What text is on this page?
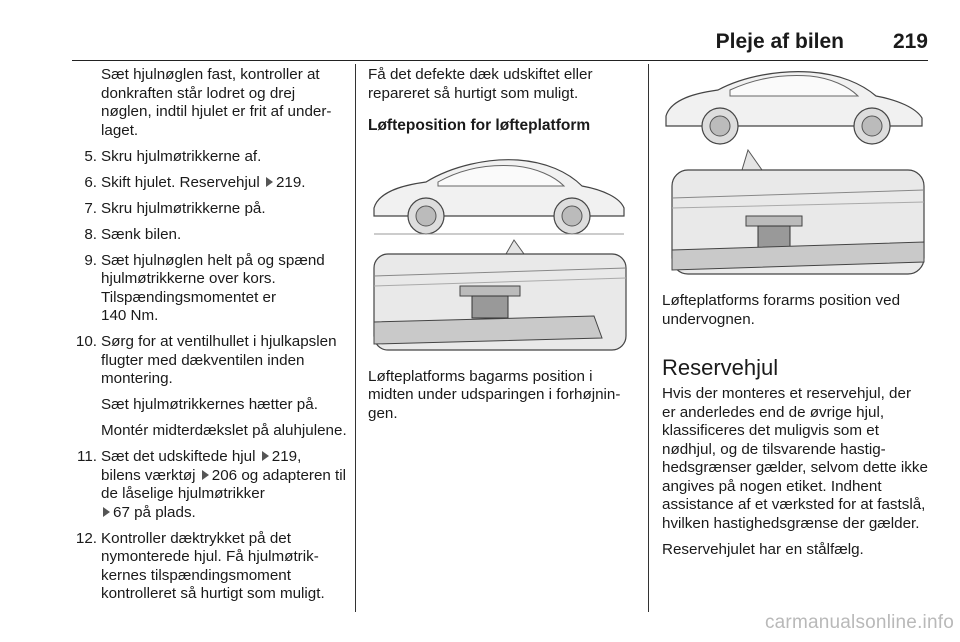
Pleje af bilen	219

Sæt hjulnøglen fast, kontroller at donkraften står lodret og drej nøglen, indtil hjulet er frit af underlaget.

5. Skru hjulmøtrikkerne af.

6. Skift hjulet. Reservehjul 219.

7. Skru hjulmøtrikkerne på.

8. Sænk bilen.

9. Sæt hjulnøglen helt på og spænd hjulmøtrikkerne over kors.
Tilspændingsmomentet er
140 Nm.

10. Sørg for at ventilhullet i hjulkapslen flugter med dækventilen inden montering.

Sæt hjulmøtrikkernes hætter på.

Montér midterdækslet på aluhjulene.

11. Sæt det udskiftede hjul 219,
bilens værktøj 206 og adapteren til de låselige hjulmøtrikker
67 på plads.

12. Kontroller dæktrykket på det nymonterede hjul. Få hjulmøtrikkernes tilspændingsmoment kontrolleret så hurtigt som muligt.

Få det defekte dæk udskiftet eller repareret så hurtigt som muligt.

Løfteposition for løfteplatform

Løfteplatforms bagarms position i midten under udsparingen i forhøjningen.

Løfteplatforms forarms position ved undervognen.

Reservehjul

Hvis der monteres et reservehjul, der er anderledes end de øvrige hjul, klassificeres det muligvis som et nødhjul, og de tilsvarende hastighedsgrænser gælder, selvom dette ikke angives på nogen etiket. Indhent assistance af et værksted for at fastslå, hvilken hastighedsgrænse der gælder.

Reservehjulet har en stålfælg.

carmanualsonline.info
